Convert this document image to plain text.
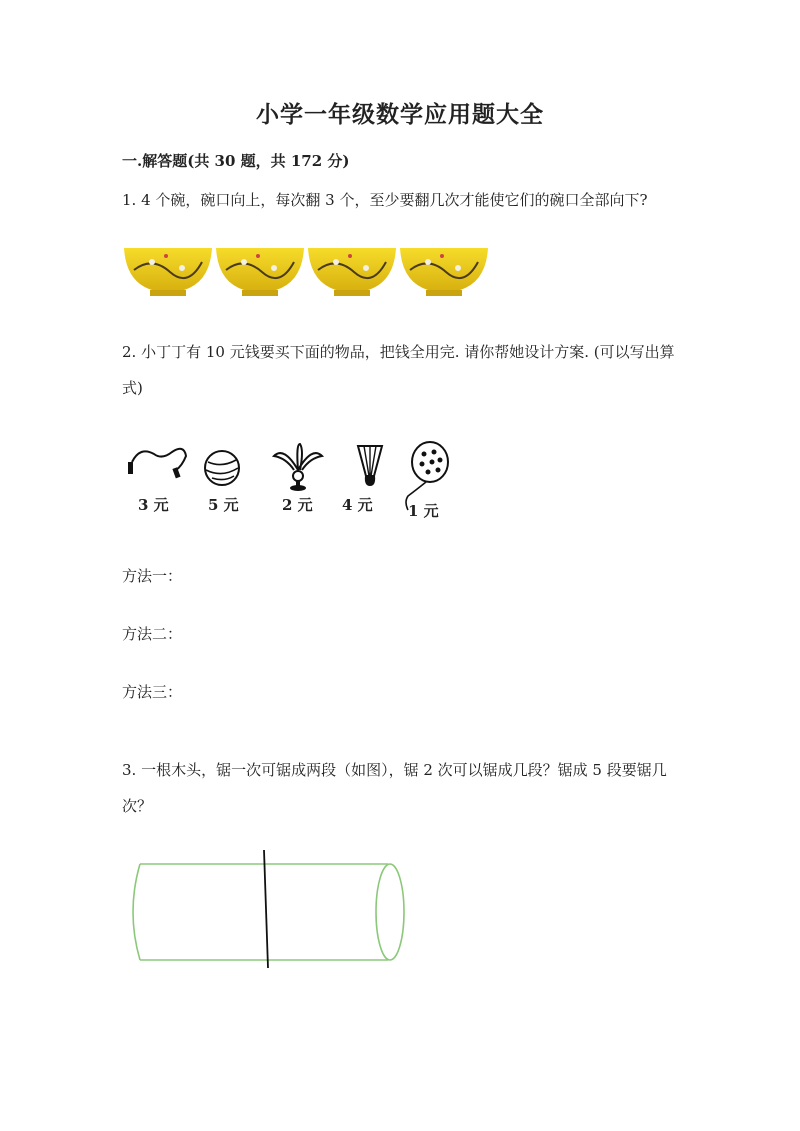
小学一年级数学应用题大全
一.解答题(共 30 题，共 172 分)
1. 4 个碗，碗口向上，每次翻 3 个，至少要翻几次才能使它们的碗口全部向下?
2. 小丁丁有 10 元钱要买下面的物品，把钱全用完. 请你帮她设计方案. (可以写出算式)
3 元	5 元	2 元 4 元 1 元
方法一：
方法二：
方法三：
3. 一根木头，锯一次可锯成两段（如图），锯 2 次可以锯成几段？锯成 5 段要锯几次？
